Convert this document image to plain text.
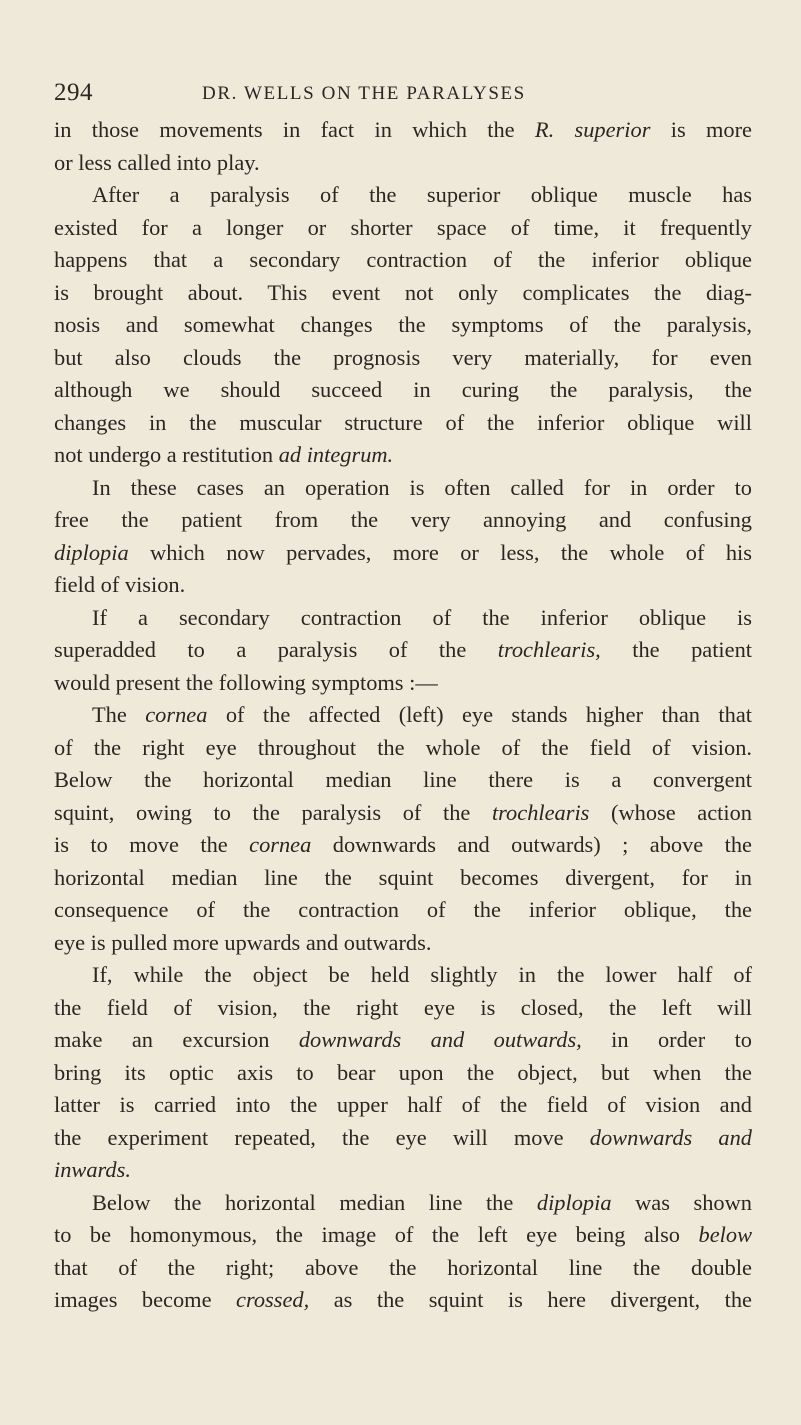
294	DR. WELLS ON THE PARALYSES
in those movements in fact in which the R. superior is more
or less called into play.
After a paralysis of the superior oblique muscle has
existed for a longer or shorter space of time, it frequently
happens that a secondary contraction of the inferior oblique
is brought about. This event not only complicates the diag-
nosis and somewhat changes the symptoms of the paralysis,
but also clouds the prognosis very materially, for even
although we should succeed in curing the paralysis, the
changes in the muscular structure of the inferior oblique will
not undergo a restitution ad integrum.
In these cases an operation is often called for in order to
free the patient from the very annoying and confusing
diplopia which now pervades, more or less, the whole of his
field of vision.
If a secondary contraction of the inferior oblique is
superadded to a paralysis of the trochlearis, the patient
would present the following symptoms :—
The cornea of the affected (left) eye stands higher than that
of the right eye throughout the whole of the field of vision.
Below the horizontal median line there is a convergent
squint, owing to the paralysis of the trochlearis (whose action
is to move the cornea downwards and outwards) ; above the
horizontal median line the squint becomes divergent, for in
consequence of the contraction of the inferior oblique, the
eye is pulled more upwards and outwards.
If, while the object be held slightly in the lower half of
the field of vision, the right eye is closed, the left will
make an excursion downwards and outwards, in order to
bring its optic axis to bear upon the object, but when the
latter is carried into the upper half of the field of vision and
the experiment repeated, the eye will move downwards and
inwards.
Below the horizontal median line the diplopia was shown
to be homonymous, the image of the left eye being also below
that of the right; above the horizontal line the double
images become crossed, as the squint is here divergent, the
